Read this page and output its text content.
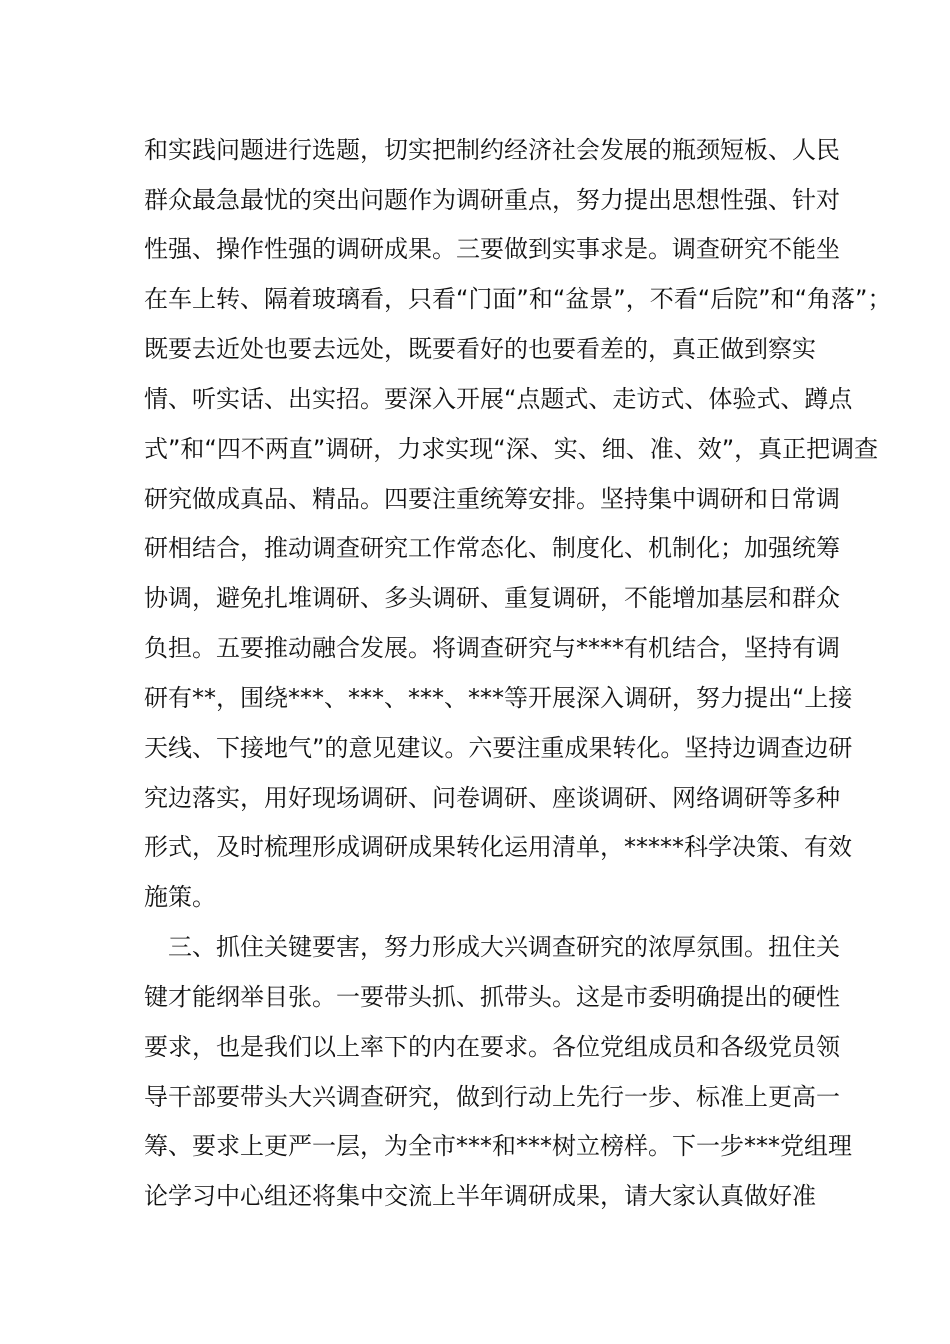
和实践问题进行选题，切实把制约经济社会发展的瓶颈短板、人民
群众最急最忧的突出问题作为调研重点，努力提出思想性强、针对
性强、操作性强的调研成果。三要做到实事求是。调查研究不能坐
在车上转、隔着玻璃看，只看“门面”和“盆景”，不看“后院”和“角落”；
既要去近处也要去远处，既要看好的也要看差的，真正做到察实
情、听实话、出实招。要深入开展“点题式、走访式、体验式、蹲点
式”和“四不两直”调研，力求实现“深、实、细、准、效”，真正把调查
研究做成真品、精品。四要注重统筹安排。坚持集中调研和日常调
研相结合，推动调查研究工作常态化、制度化、机制化；加强统筹
协调，避免扎堆调研、多头调研、重复调研，不能增加基层和群众
负担。五要推动融合发展。将调查研究与****有机结合，坚持有调
研有**，围绕***、***、***、***等开展深入调研，努力提出“上接
天线、下接地气”的意见建议。六要注重成果转化。坚持边调查边研
究边落实，用好现场调研、问卷调研、座谈调研、网络调研等多种
形式，及时梳理形成调研成果转化运用清单，*****科学决策、有效
施策。
三、抓住关键要害，努力形成大兴调查研究的浓厚氛围。扭住关
键才能纲举目张。一要带头抓、抓带头。这是市委明确提出的硬性
要求，也是我们以上率下的内在要求。各位党组成员和各级党员领
导干部要带头大兴调查研究，做到行动上先行一步、标准上更高一
筹、要求上更严一层，为全市***和***树立榜样。下一步***党组理
论学习中心组还将集中交流上半年调研成果，请大家认真做好准
